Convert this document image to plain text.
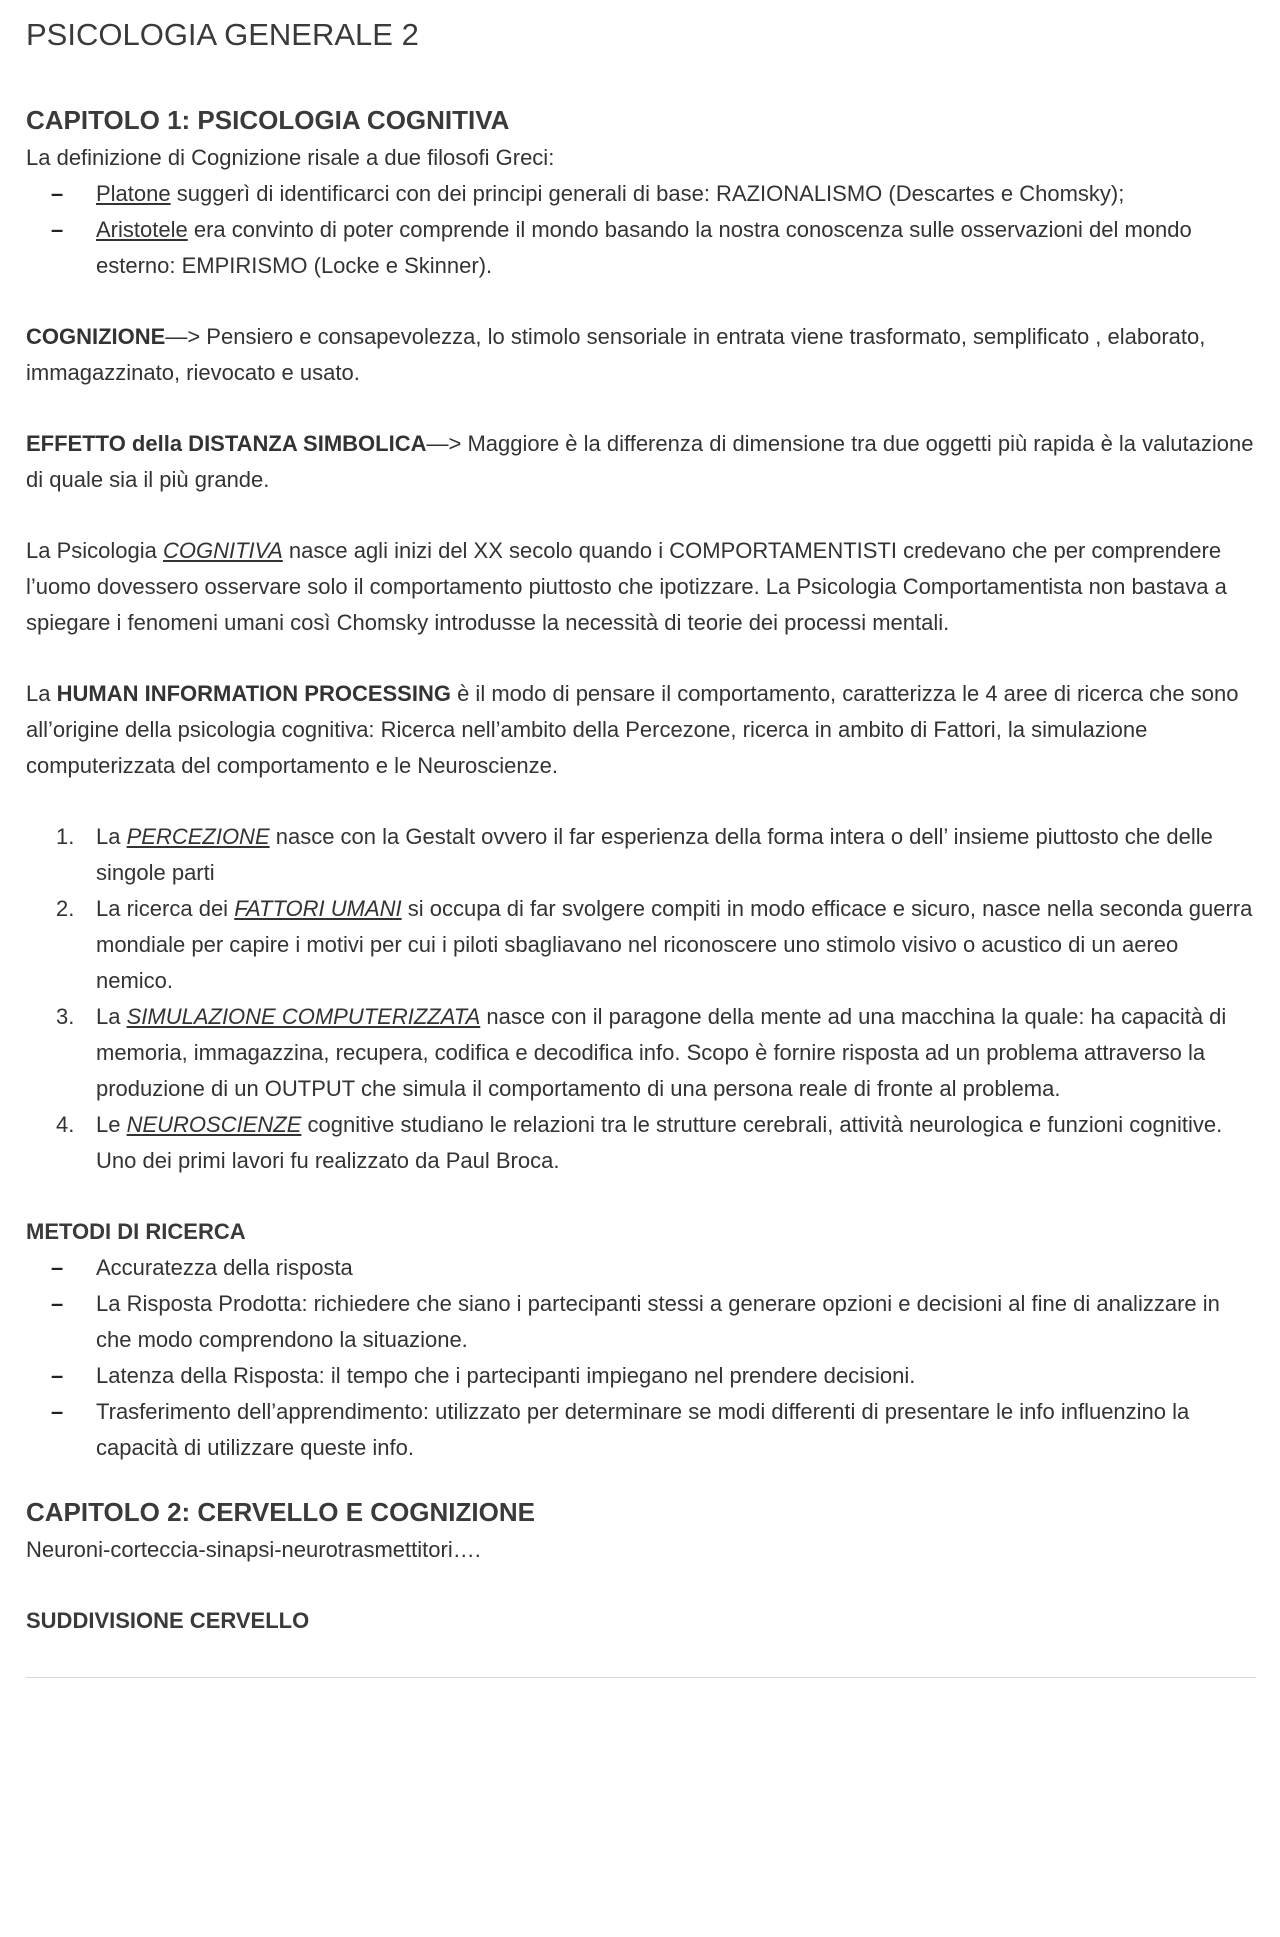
PSICOLOGIA GENERALE 2
CAPITOLO 1: PSICOLOGIA COGNITIVA

La definizione di Cognizione risale a due filosofi Greci:

– Platone suggerì di identificarci con dei principi generali di base: RAZIONALISMO (Descartes e Chomsky);
– Aristotele era convinto di poter comprende il mondo basando la nostra conoscenza sulle osservazioni del mondo esterno: EMPIRISMO (Locke e Skinner).

COGNIZIONE—> Pensiero e consapevolezza, lo stimolo sensoriale in entrata viene trasformato, semplificato , elaborato, immagazzinato, rievocato e usato.

EFFETTO della DISTANZA SIMBOLICA—> Maggiore è la differenza di dimensione tra due oggetti più rapida è la valutazione di quale sia il più grande.

La Psicologia COGNITIVA nasce agli inizi del XX secolo quando i COMPORTAMENTISTI credevano che per comprendere l’uomo dovessero osservare solo il comportamento piuttosto che ipotizzare. La Psicologia Comportamentista non bastava a spiegare i fenomeni umani così Chomsky introdusse la necessità di teorie dei processi mentali.

La HUMAN INFORMATION PROCESSING è il modo di pensare il comportamento, caratterizza le 4 aree di ricerca che sono all’origine della psicologia cognitiva: Ricerca nell’ambito della Percezone, ricerca in ambito di Fattori, la simulazione computerizzata del comportamento e le Neuroscienze.

1. La PERCEZIONE nasce con la Gestalt ovvero il far esperienza della forma intera o dell’ insieme piuttosto che delle singole parti
2. La ricerca dei FATTORI UMANI si occupa di far svolgere compiti in modo efficace e sicuro, nasce nella seconda guerra mondiale per capire i motivi per cui i piloti sbagliavano nel riconoscere uno stimolo visivo o acustico di un aereo nemico.
3. La SIMULAZIONE COMPUTERIZZATA nasce con il paragone della mente ad una macchina la quale: ha capacità di memoria, immagazzina, recupera, codifica e decodifica info. Scopo è fornire risposta ad un problema attraverso la produzione di un OUTPUT che simula il comportamento di una persona reale di fronte al problema.
4. Le NEUROSCIENZE cognitive studiano le relazioni tra le strutture cerebrali, attività neurologica e funzioni cognitive. Uno dei primi lavori fu realizzato da Paul Broca.

METODI DI RICERCA

– Accuratezza della risposta
– La Risposta Prodotta: richiedere che siano i partecipanti stessi a generare opzioni e decisioni al fine di analizzare in che modo comprendono la situazione.
– Latenza della Risposta: il tempo che i partecipanti impiegano nel prendere decisioni.
– Trasferimento dell’apprendimento: utilizzato per determinare se modi differenti di presentare le info influenzino la capacità di utilizzare queste info.
CAPITOLO 2: CERVELLO E COGNIZIONE

Neuroni-corteccia-sinapsi-neurotrasmettitori….

SUDDIVISIONE CERVELLO
